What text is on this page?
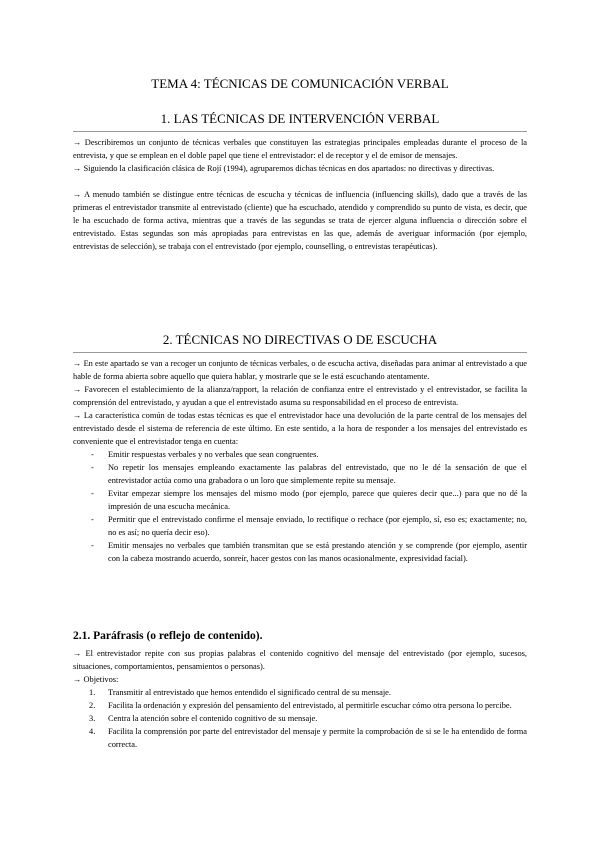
TEMA 4: TÉCNICAS DE COMUNICACIÓN VERBAL
1. LAS TÉCNICAS DE INTERVENCIÓN VERBAL

→ Describiremos un conjunto de técnicas verbales que constituyen las estrategias principales empleadas durante el proceso de la entrevista, y que se emplean en el doble papel que tiene el entrevistador: el de receptor y el de emisor de mensajes.

→ Siguiendo la clasificación clásica de Rojí (1994), agruparemos dichas técnicas en dos apartados: no directivas y directivas.

→ A menudo también se distingue entre técnicas de escucha y técnicas de influencia (influencing skills), dado que a través de las primeras el entrevistador transmite al entrevistado (cliente) que ha escuchado, atendido y comprendido su punto de vista, es decir, que le ha escuchado de forma activa, mientras que a través de las segundas se trata de ejercer alguna influencia o dirección sobre el entrevistado. Estas segundas son más apropiadas para entrevistas en las que, además de averiguar información (por ejemplo, entrevistas de selección), se trabaja con el entrevistado (por ejemplo, counselling, o entrevistas terapéuticas).

2. TÉCNICAS NO DIRECTIVAS O DE ESCUCHA

→ En este apartado se van a recoger un conjunto de técnicas verbales, o de escucha activa, diseñadas para animar al entrevistado a que hable de forma abierta sobre aquello que quiera hablar, y mostrarle que se le está escuchando atentamente.

→ Favorecen el establecimiento de la alianza/rapport, la relación de confianza entre el entrevistado y el entrevistador, se facilita la comprensión del entrevistado, y ayudan a que el entrevistado asuma su responsabilidad en el proceso de entrevista.

→ La característica común de todas estas técnicas es que el entrevistador hace una devolución de la parte central de los mensajes del entrevistado desde el sistema de referencia de este último. En este sentido, a la hora de responder a los mensajes del entrevistado es conveniente que el entrevistador tenga en cuenta:

- Emitir respuestas verbales y no verbales que sean congruentes.
- No repetir los mensajes empleando exactamente las palabras del entrevistado, que no le dé la sensación de que el entrevistador actúa como una grabadora o un loro que simplemente repite su mensaje.
- Evitar empezar siempre los mensajes del mismo modo (por ejemplo, parece que quieres decir que...) para que no dé la impresión de una escucha mecánica.
- Permitir que el entrevistado confirme el mensaje enviado, lo rectifique o rechace (por ejemplo, sí, eso es; exactamente; no, no es así; no quería decir eso).
- Emitir mensajes no verbales que también transmitan que se está prestando atención y se comprende (por ejemplo, asentir con la cabeza mostrando acuerdo, sonreír, hacer gestos con las manos ocasionalmente, expresividad facial).
2.1. Paráfrasis (o reflejo de contenido).

→ El entrevistador repite con sus propias palabras el contenido cognitivo del mensaje del entrevistado (por ejemplo, sucesos, situaciones, comportamientos, pensamientos o personas).

→ Objetivos:

1. Transmitir al entrevistado que hemos entendido el significado central de su mensaje.
2. Facilita la ordenación y expresión del pensamiento del entrevistado, al permitirle escuchar cómo otra persona lo percibe.
3. Centra la atención sobre el contenido cognitivo de su mensaje.
4. Facilita la comprensión por parte del entrevistador del mensaje y permite la comprobación de si se le ha entendido de forma correcta.
